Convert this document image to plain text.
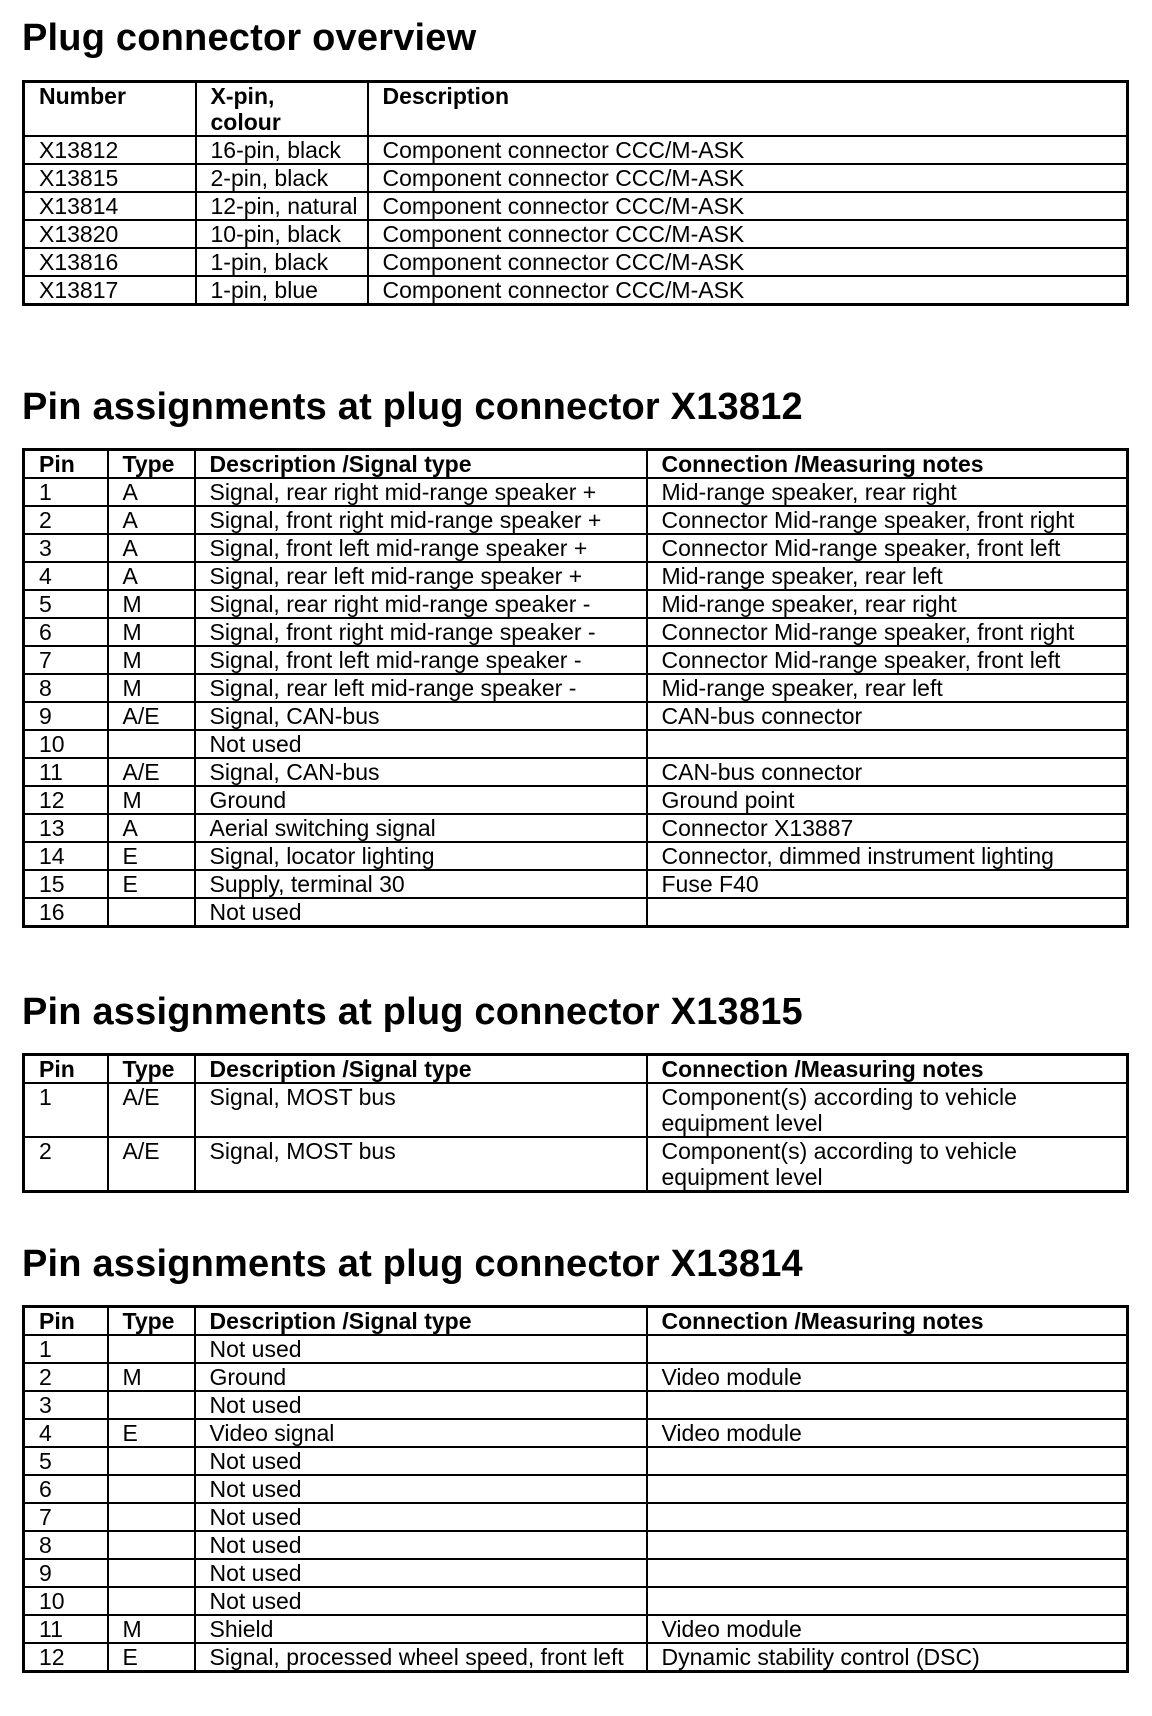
Plug connector overview
Number	X-pin, colour	Description
X13812	16-pin, black	Component connector CCC/M-ASK
X13815	2-pin, black	Component connector CCC/M-ASK
X13814	12-pin, natural	Component connector CCC/M-ASK
X13820	10-pin, black	Component connector CCC/M-ASK
X13816	1-pin, black	Component connector CCC/M-ASK
X13817	1-pin, blue	Component connector CCC/M-ASK
Pin assignments at plug connector X13812
Pin	Type	Description /Signal type	Connection /Measuring notes
1	A	Signal, rear right mid-range speaker +	Mid-range speaker, rear right
2	A	Signal, front right mid-range speaker +	Connector Mid-range speaker, front right
3	A	Signal, front left mid-range speaker +	Connector Mid-range speaker, front left
4	A	Signal, rear left mid-range speaker +	Mid-range speaker, rear left
5	M	Signal, rear right mid-range speaker -	Mid-range speaker, rear right
6	M	Signal, front right mid-range speaker -	Connector Mid-range speaker, front right
7	M	Signal, front left mid-range speaker -	Connector Mid-range speaker, front left
8	M	Signal, rear left mid-range speaker -	Mid-range speaker, rear left
9	A/E	Signal, CAN-bus	CAN-bus connector
10		Not used	
11	A/E	Signal, CAN-bus	CAN-bus connector
12	M	Ground	Ground point
13	A	Aerial switching signal	Connector X13887
14	E	Signal, locator lighting	Connector, dimmed instrument lighting
15	E	Supply, terminal 30	Fuse F40
16		Not used	
Pin assignments at plug connector X13815
Pin	Type	Description /Signal type	Connection /Measuring notes
1	A/E	Signal, MOST bus	Component(s) according to vehicle equipment level
2	A/E	Signal, MOST bus	Component(s) according to vehicle equipment level
Pin assignments at plug connector X13814
Pin	Type	Description /Signal type	Connection /Measuring notes
1		Not used	
2	M	Ground	Video module
3		Not used	
4	E	Video signal	Video module
5		Not used	
6		Not used	
7		Not used	
8		Not used	
9		Not used	
10		Not used	
11	M	Shield	Video module
12	E	Signal, processed wheel speed, front left	Dynamic stability control (DSC)
